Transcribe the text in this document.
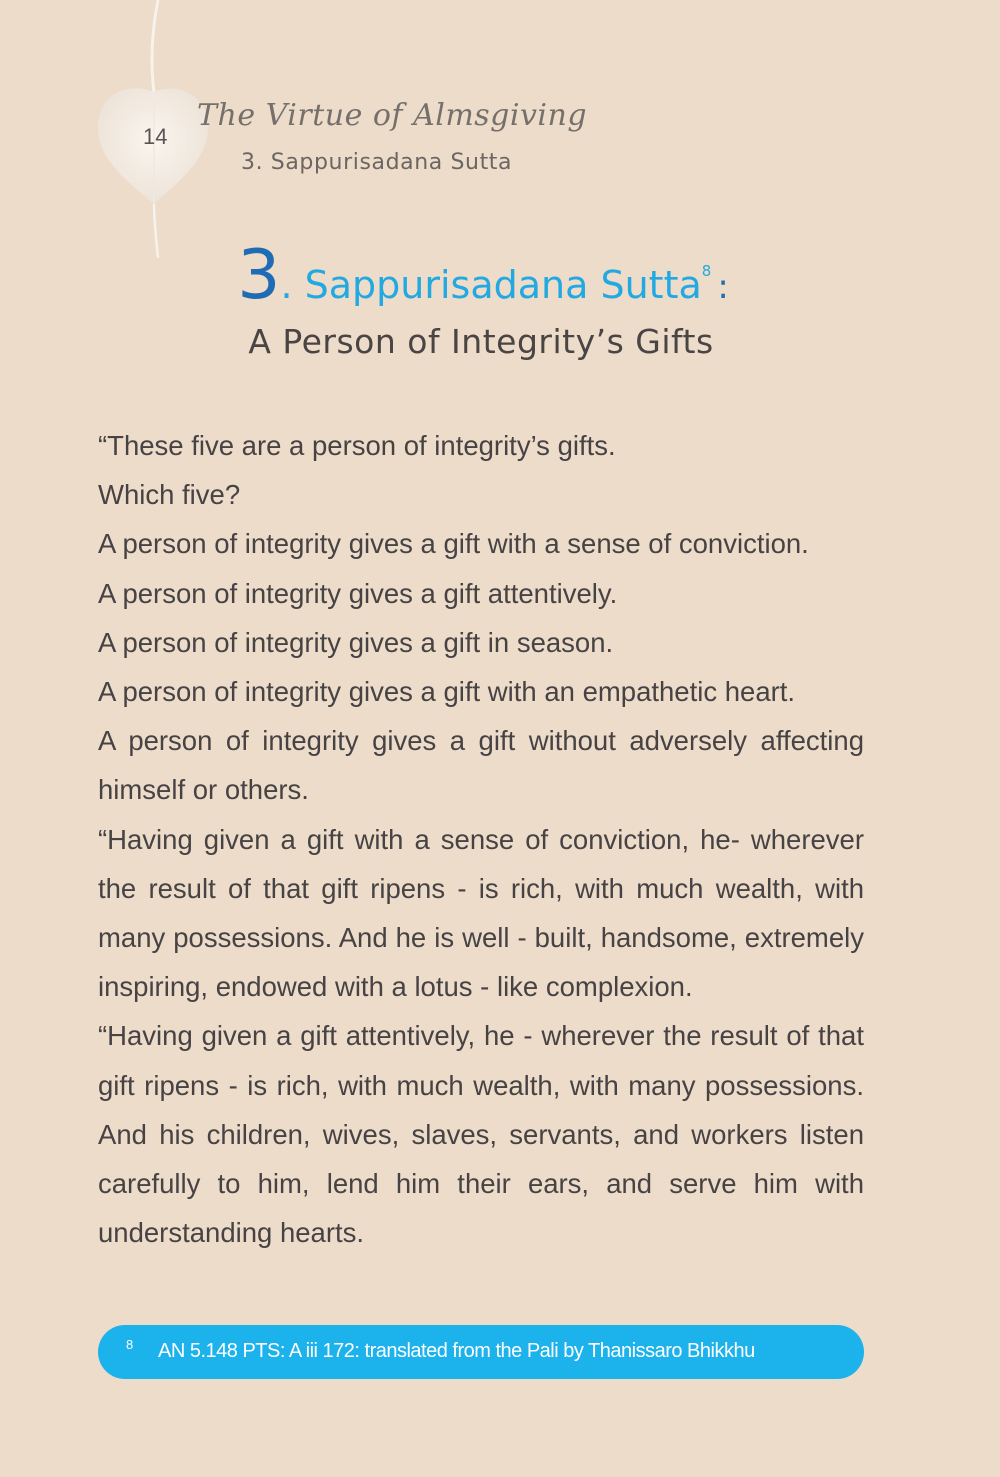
14
The Virtue of Almsgiving
3. Sappurisadana Sutta
3. Sappurisadana Sutta$^8$ :
A Person of Integrity’s Gifts

“These five are a person of integrity’s gifts.

Which five?

A person of integrity gives a gift with a sense of conviction.

A person of integrity gives a gift attentively.

A person of integrity gives a gift in season.

A person of integrity gives a gift with an empathetic heart.

A person of integrity gives a gift without adversely affecting himself or others.

“Having given a gift with a sense of conviction, he- wherever the result of that gift ripens - is rich, with much wealth, with many possessions. And he is well - built, handsome, extremely inspiring, endowed with a lotus - like complexion.

“Having given a gift attentively, he - wherever the result of that gift ripens - is rich, with much wealth, with many possessions. And his children, wives, slaves, servants, and workers listen carefully to him, lend him their ears, and serve him with understanding hearts.

8 AN 5.148 PTS: A iii 172: translated from the Pali by Thanissaro Bhikkhu
